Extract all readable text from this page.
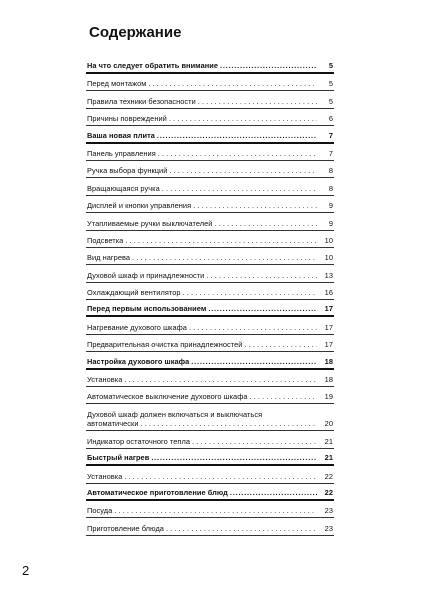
Содержание
На что следует обратить внимание .....	5
Перед монтажом . . .	5
Правила техники безопасности . . .	5
Причины повреждений . . .	6
Ваша новая плита .....	7
Панель управления . . .	7
Ручка выбора функций . . .	8
Вращающаяся ручка . . .	8
Дисплей и кнопки управления . . .	9
Утапливаемые ручки выключателей . . .	9
Подсветка . . .	10
Вид нагрева . . .	10
Духовой шкаф и принадлежности . . .	13
Охлаждающий вентилятор . . .	16
Перед первым использованием .....	17
Нагревание духового шкафа . . .	17
Предварительная очистка принадлежностей . . .	17
Настройка духового шкафа .....	18
Установка . . .	18
Автоматическое выключение духового шкафа . . .	19
Духовой шкаф должен включаться и выключаться
автоматически . . .	20
Индикатор остаточного тепла . . .	21
Быстрый нагрев .....	21
Установка . . .	22
Автоматическое приготовление блюд .....	22
Посуда . . .	23
Приготовление блюда . . .	23
2
